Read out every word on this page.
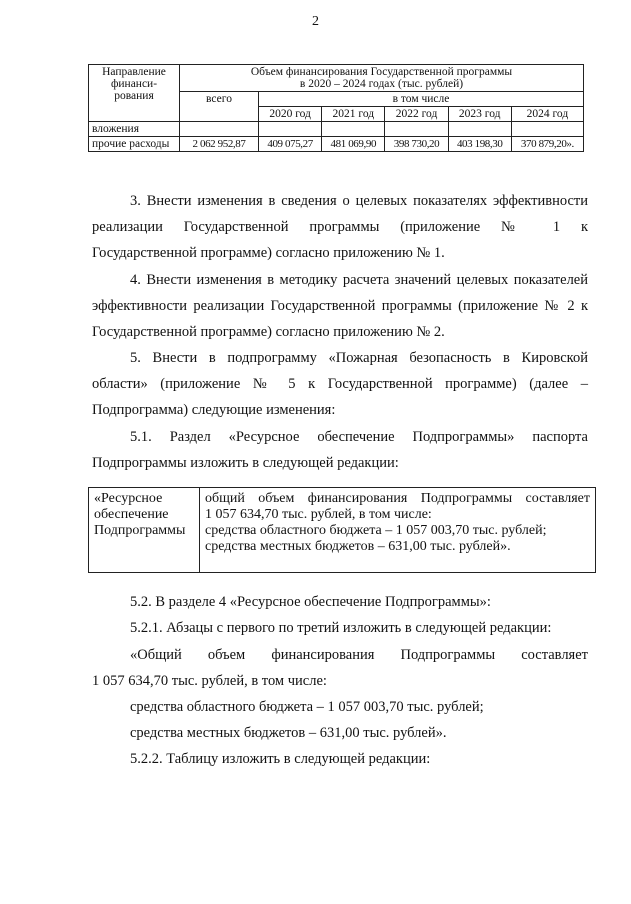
2
Направление финанси-рования	Объем финансирования Государственной программы
в 2020 – 2024 годах (тыс. рублей)					

	всего	в том числе				
		2020 год	2021 год	2022 год	2023 год	2024 год
вложения						
прочие расходы	2 062 952,87	409 075,27	481 069,90	398 730,20	403 198,30	370 879,20».
3. Внести изменения в сведения о целевых показателях эффективности
реализации Государственной программы (приложение № 1 к
Государственной программе) согласно приложению № 1.
4. Внести изменения в методику расчета значений целевых показателей
эффективности реализации Государственной программы (приложение № 2 к
Государственной программе) согласно приложению № 2.
5. Внести в подпрограмму «Пожарная безопасность в Кировской
области» (приложение № 5 к Государственной программе) (далее –
Подпрограмма) следующие изменения:
5.1. Раздел «Ресурсное обеспечение Подпрограммы» паспорта
Подпрограммы изложить в следующей редакции:
«Ресурсное обеспечение Подпрограммы	
общий объем финансирования Подпрограммы составляет
1 057 634,70 тыс. рублей, в том числе:
средства областного бюджета – 1 057 003,70 тыс. рублей;
средства местных бюджетов – 631,00 тыс. рублей».
5.2. В разделе 4 «Ресурсное обеспечение Подпрограммы»:
5.2.1. Абзацы с первого по третий изложить в следующей редакции:
«Общий объем финансирования Подпрограммы составляет
1 057 634,70 тыс. рублей, в том числе:
средства областного бюджета – 1 057 003,70 тыс. рублей;
средства местных бюджетов – 631,00 тыс. рублей».
5.2.2. Таблицу изложить в следующей редакции:
